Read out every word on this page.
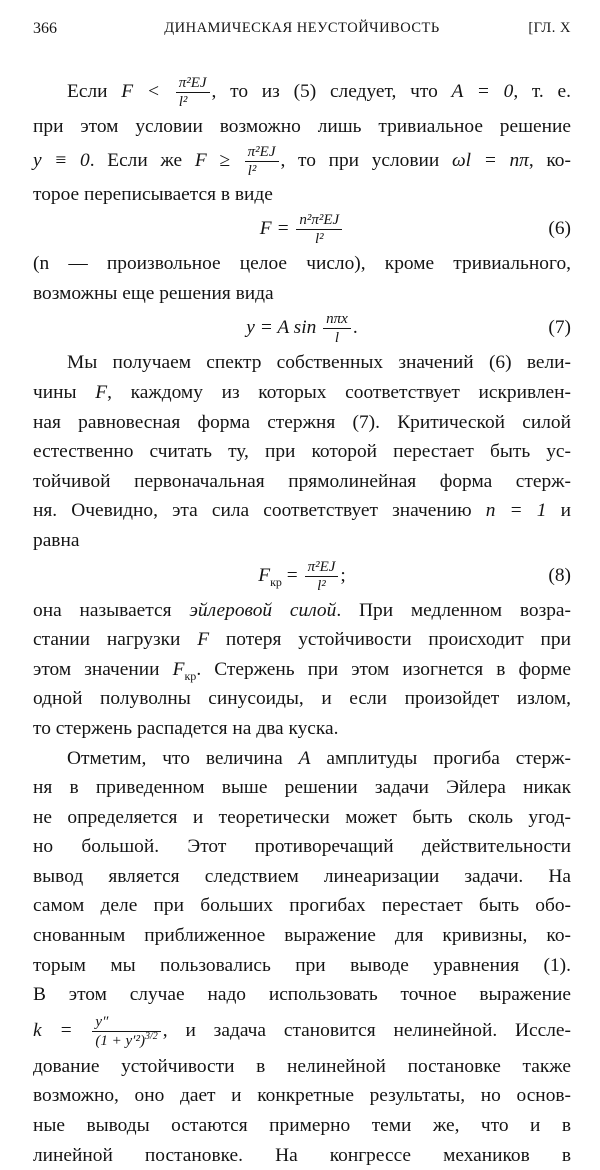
366	ДИНАМИЧЕСКАЯ НЕУСТОЙЧИВОСТЬ	[ГЛ. X
Если $F < \frac{\text{π²EJ}}{\text{l²}}$ , то из (5) следует, что A = 0, т. е.
при этом условии возможно лишь тривиальное решение
y ≡ 0. Если же $F \ge \frac{\text{π²EJ}}{\text{l²}}$ , то при условии ωl = nπ, ко-
торое переписывается в виде
$F = \frac{\text{n²π²EJ}}{\text{l²}}$	(6)
(n — произвольное целое число), кроме тривиального,
возможны еще решения вида
y = A $\sin \frac{\text{nπx}}{l}$ .	(7)
Мы получаем спектр собственных значений (6) вели-
чины F, каждому из которых соответствует искривлен-
ная равновесная форма стержня (7). Критической силой
естественно считать ту, при которой перестает быть ус-
тойчивой первоначальная прямолинейная форма стерж-
ня. Очевидно, эта сила соответствует значению n = 1 и
равна
$F_{кр} = \frac{\text{π²EJ}}{\text{l²}}$ ;	(8)
она называется эйлеровой силой. При медленном возра-
стании нагрузки F потеря устойчивости происходит при
этом значении $F_{кр}$. Стержень при этом изогнется в форме
одной полуволны синусоиды, и если произойдет излом,
то стержень распадется на два куска.
Отметим, что величина A амплитуды прогиба стерж-
ня в приведенном выше решении задачи Эйлера никак
не определяется и теоретически может быть сколь угод-
но большой. Этот противоречащий действительности
вывод является следствием линеаризации задачи. На
самом деле при больших прогибах перестает быть обо-
снованным приближенное выражение для кривизны, ко-
торым мы пользовались при выводе уравнения (1).
В этом случае надо использовать точное выражение
$k = \frac{y''}{(1 + y'^2)^{3/2}}$ , и задача становится нелинейной. Иссле-
дование устойчивости в нелинейной постановке также
возможно, оно дает и конкретные результаты, но основ-
ные выводы остаются примерно теми же, что и в
линейной постановке. На конгрессе механиков в
